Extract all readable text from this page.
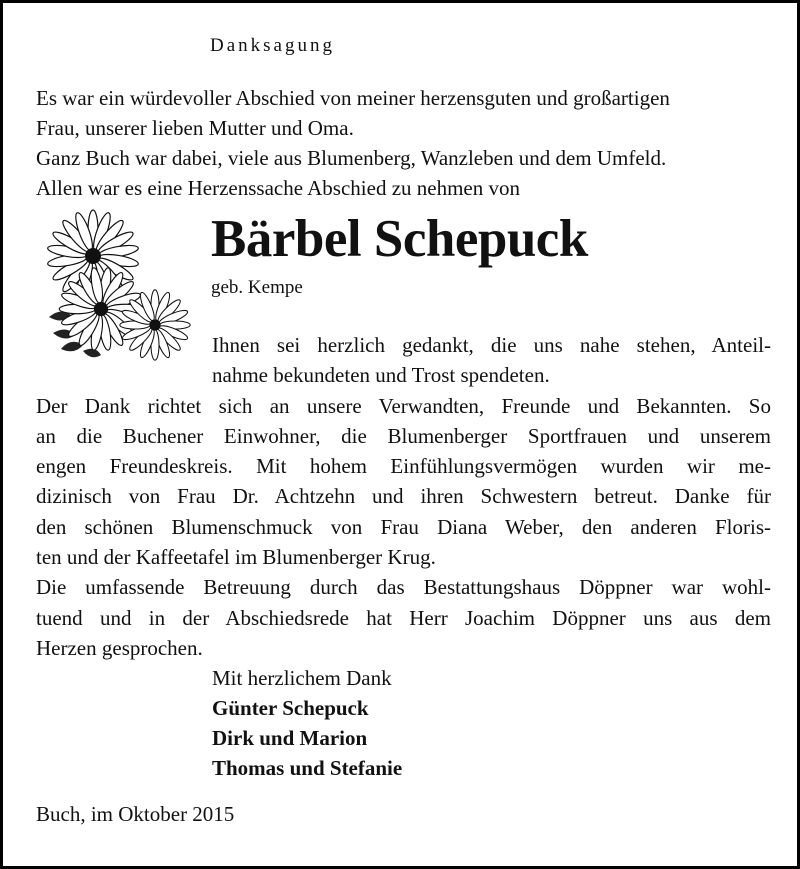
Danksagung
Es war ein würdevoller Abschied von meiner herzensguten und großartigen
Frau, unserer lieben Mutter und Oma.
Ganz Buch war dabei, viele aus Blumenberg, Wanzleben und dem Umfeld.
Allen war es eine Herzenssache Abschied zu nehmen von
Bärbel Schepuck
geb. Kempe
Ihnen sei herzlich gedankt, die uns nahe stehen, Anteil-
nahme bekundeten und Trost spendeten.
Der Dank richtet sich an unsere Verwandten, Freunde und Bekannten. So
an die Buchener Einwohner, die Blumenberger Sportfrauen und unserem
engen Freundeskreis. Mit hohem Einfühlungsvermögen wurden wir me-
dizinisch von Frau Dr. Achtzehn und ihren Schwestern betreut. Danke für
den schönen Blumenschmuck von Frau Diana Weber, den anderen Floris-
ten und der Kaffeetafel im Blumenberger Krug.
Die umfassende Betreuung durch das Bestattungshaus Döppner war wohl-
tuend und in der Abschiedsrede hat Herr Joachim Döppner uns aus dem
Herzen gesprochen.
Mit herzlichem Dank
Günter Schepuck
Dirk und Marion
Thomas und Stefanie
Buch, im Oktober 2015
